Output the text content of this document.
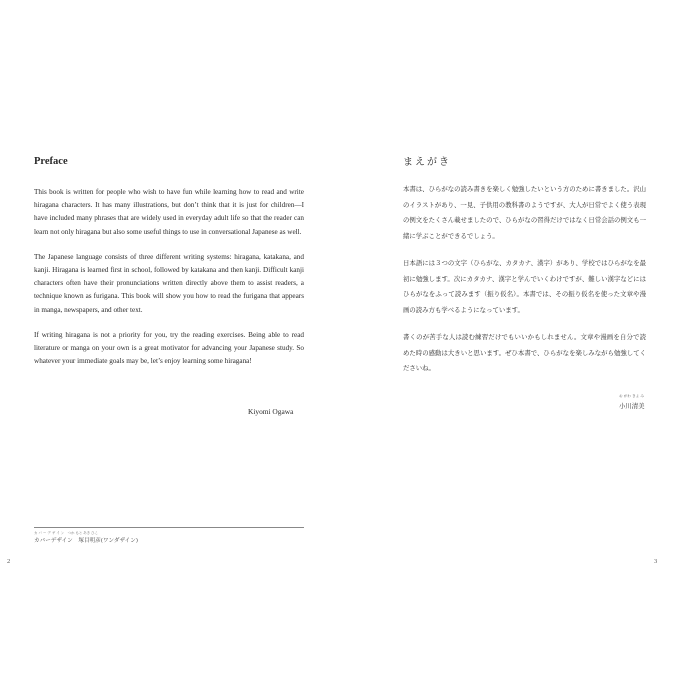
Preface

This book is written for people who wish to have fun while learning how to read and write hiragana characters. It has many illustrations, but don’t think that it is just for children—I have included many phrases that are widely used in everyday adult life so that the reader can learn not only hiragana but also some useful things to use in conversational Japanese as well.

The Japanese language consists of three different writing systems: hiragana, katakana, and kanji. Hiragana is learned first in school, followed by katakana and then kanji. Difficult kanji characters often have their pronunciations written directly above them to assist readers, a technique known as furigana. This book will show you how to read the furigana that appears in manga, newspapers, and other text.

If writing hiragana is not a priority for you, try the reading exercises. Being able to read literature or manga on your own is a great motivator for advancing your Japanese study. So whatever your immediate goals may be, let’s enjoy learning some hiragana!

Kiyomi Ogawa
カ バ ー デ ザ イ ン　つか もと あき ひこ
カバーデザイン　塚目明彦(ワンダザイン)
2
まえがき

本書は、ひらがなの読み書きを楽しく勉強したいという方のために書きました。沢山のイラストがあり、一見、子供用の教科書のようですが、大人が日常でよく使う表現の例文をたくさん載せましたので、ひらがなの習得だけではなく日常会話の例文も一緒に学ぶことができるでしょう。

日本語には３つの文字（ひらがな、カタカナ、漢字）があり、学校ではひらがなを最初に勉強します。次にカタカナ、漢字と学んでいくわけですが、難しい漢字などにはひらがなをふって読みます（振り仮名）。本書では、その振り仮名を使った文章や漫画の読み方も学べるようになっています。

書くのが苦手な人は読む練習だけでもいいかもしれません。文章や漫画を自分で読めた時の感動は大きいと思います。ぜひ本書で、ひらがなを楽しみながら勉強してくださいね。

お がわ きよ み
小川清美
3
